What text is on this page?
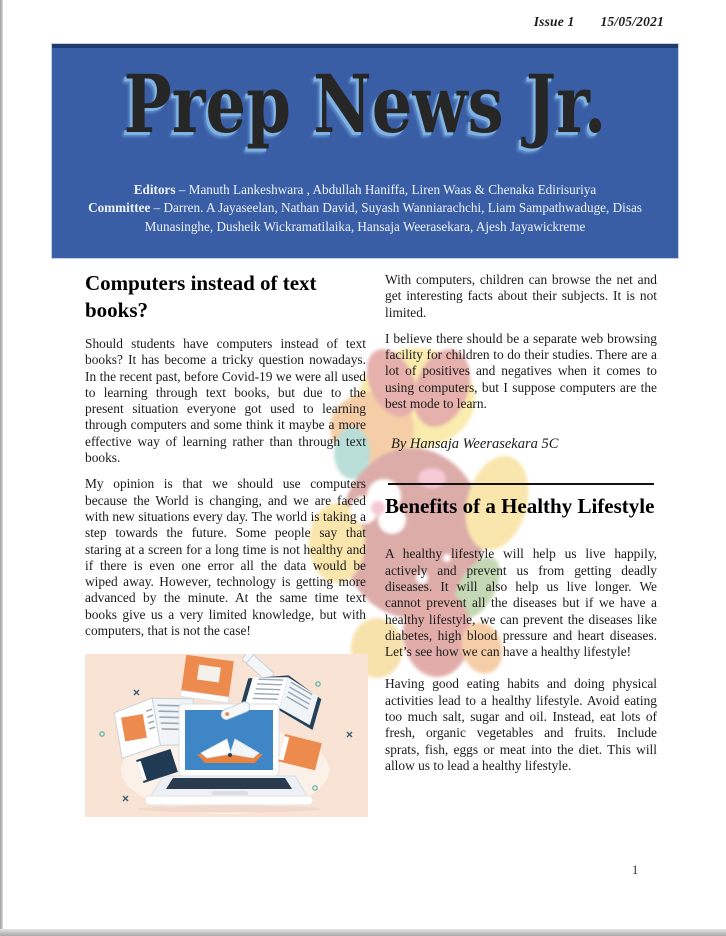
Issue 1 15/05/2021
Prep News Jr.
Editors – Manuth Lankeshwara , Abdullah Haniffa, Liren Waas & Chenaka Edirisuriya
Committee – Darren. A Jayaseelan, Nathan David, Suyash Wanniarachchi, Liam Sampathwaduge, Disas Munasinghe, Dusheik Wickramatilaika, Hansaja Weerasekara, Ajesh Jayawickreme
Computers instead of text books?

Should students have computers instead of text books? It has become a tricky question nowadays. In the recent past, before Covid-19 we were all used to learning through text books, but due to the present situation everyone got used to learning through computers and some think it maybe a more effective way of learning rather than through text books.

My opinion is that we should use computers because the World is changing, and we are faced with new situations every day. The world is taking a step towards the future. Some people say that staring at a screen for a long time is not healthy and if there is even one error all the data would be wiped away. However, technology is getting more advanced by the minute. At the same time text books give us a very limited knowledge, but with computers, that is not the case!

With computers, children can browse the net and get interesting facts about their subjects. It is not limited.

I believe there should be a separate web browsing facility for children to do their studies. There are a lot of positives and negatives when it comes to using computers, but I suppose computers are the best mode to learn.

By Hansaja Weerasekara 5C
Benefits of a Healthy Lifestyle

A healthy lifestyle will help us live happily, actively and prevent us from getting deadly diseases. It will also help us live longer. We cannot prevent all the diseases but if we have a healthy lifestyle, we can prevent the diseases like diabetes, high blood pressure and heart diseases. Let’s see how we can have a healthy lifestyle!

Having good eating habits and doing physical activities lead to a healthy lifestyle. Avoid eating too much salt, sugar and oil. Instead, eat lots of fresh, organic vegetables and fruits. Include sprats, fish, eggs or meat into the diet. This will allow us to lead a healthy lifestyle.

1
